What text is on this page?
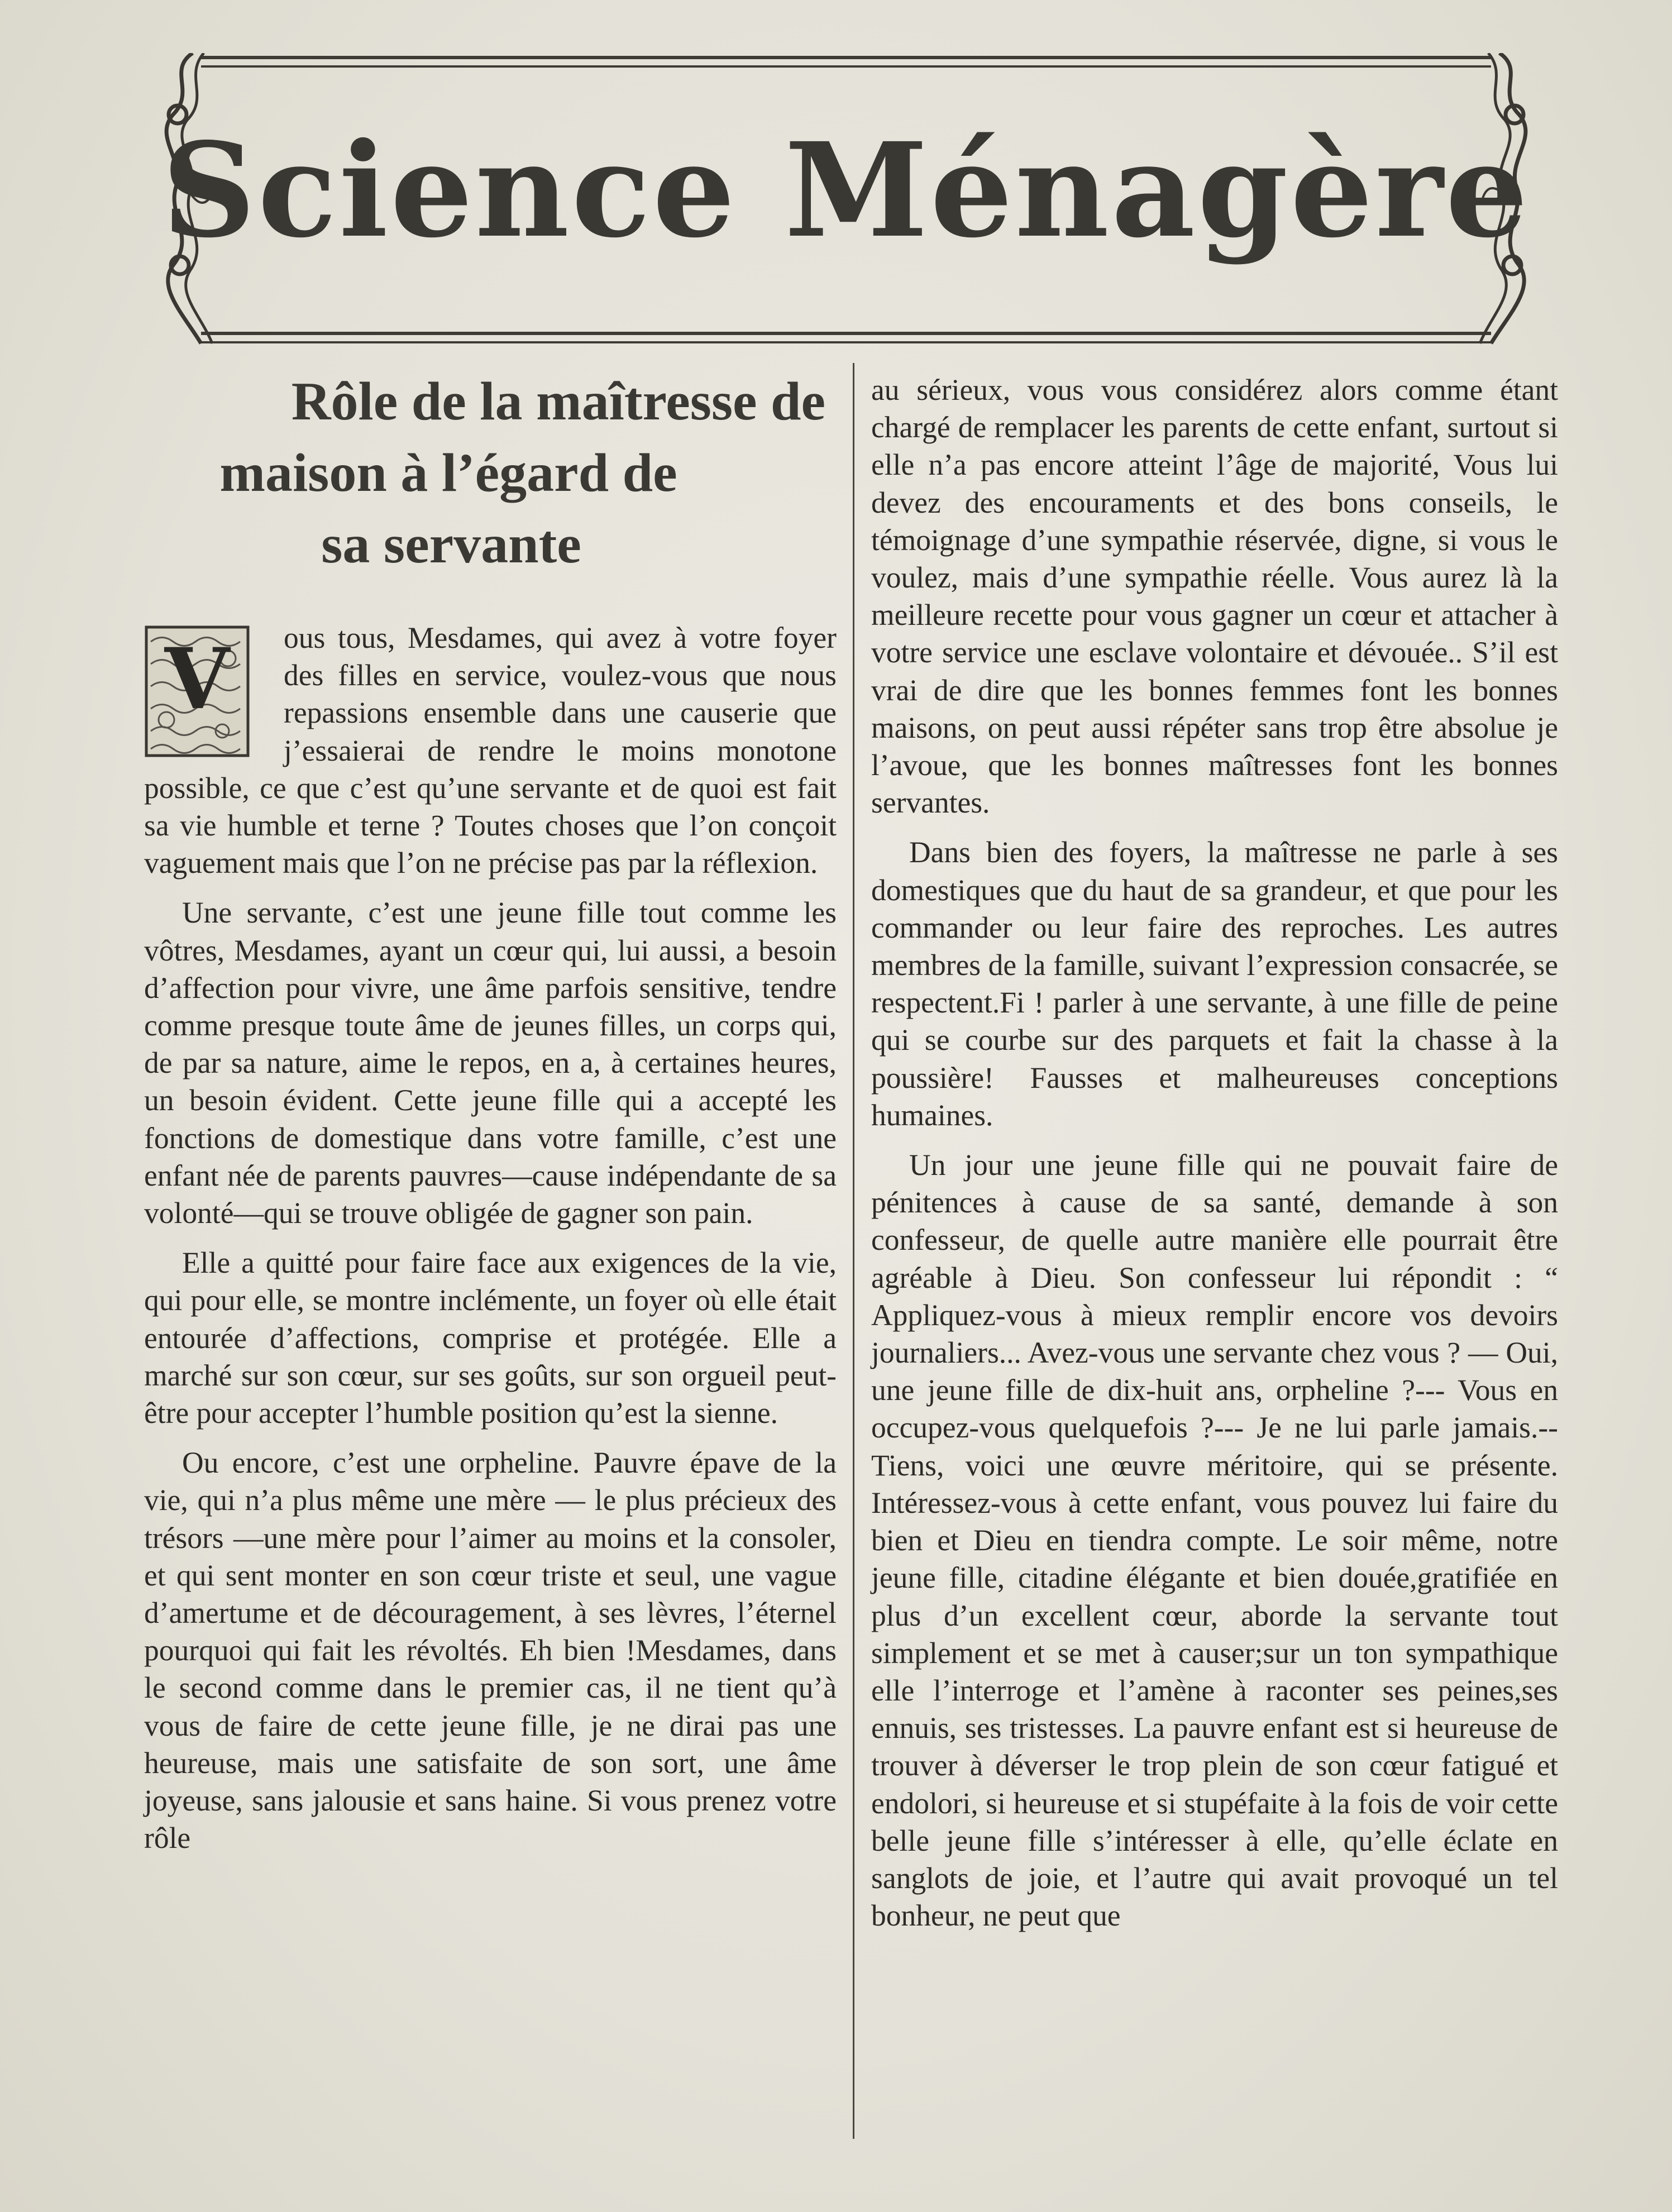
Science Ménagère
Rôle de la maîtresse de
maison à l’égard de
sa servante

V	ous tous, Mesdames, qui avez à votre foyer des filles en service, voulez-vous que nous repassions ensemble dans une causerie que j’essaierai de rendre le moins monotone possible, ce que c’est qu’une servante et de quoi est fait sa vie humble et terne ? Toutes choses que l’on conçoit vaguement mais que l’on ne précise pas par la réflexion.

Une servante, c’est une jeune fille tout comme les vôtres, Mesdames, ayant un cœur qui, lui aussi, a besoin d’affection pour vivre, une âme parfois sensitive, tendre comme presque toute âme de jeunes filles, un corps qui, de par sa nature, aime le repos, en a, à certaines heures, un besoin évident. Cette jeune fille qui a accepté les fonctions de domestique dans votre famille, c’est une enfant née de parents pauvres—cause indépendante de sa volonté—qui se trouve obligée de gagner son pain.

Elle a quitté pour faire face aux exigences de la vie, qui pour elle, se montre inclémente, un foyer où elle était entourée d’affections, comprise et protégée. Elle a marché sur son cœur, sur ses goûts, sur son orgueil peut-être pour accepter l’humble position qu’est la sienne.

Ou encore, c’est une orpheline. Pauvre épave de la vie, qui n’a plus même une mère — le plus précieux des trésors —une mère pour l’aimer au moins et la consoler, et qui sent monter en son cœur triste et seul, une vague d’amertume et de découragement, à ses lèvres, l’éternel pourquoi qui fait les révoltés. Eh bien !Mesdames, dans le second comme dans le premier cas, il ne tient qu’à vous de faire de cette jeune fille, je ne dirai pas une heureuse, mais une satisfaite de son sort, une âme joyeuse, sans jalousie et sans haine. Si vous prenez votre rôle

au sérieux, vous vous considérez alors comme étant chargé de remplacer les parents de cette enfant, surtout si elle n’a pas encore atteint l’âge de majorité, Vous lui devez des encouraments et des bons conseils, le témoignage d’une sympathie réservée, digne, si vous le voulez, mais d’une sympathie réelle. Vous aurez là la meilleure recette pour vous gagner un cœur et attacher à votre service une esclave volontaire et dévouée.. S’il est vrai de dire que les bonnes femmes font les bonnes maisons, on peut aussi répéter sans trop être absolue je l’avoue, que les bonnes maîtresses font les bonnes servantes.

Dans bien des foyers, la maîtresse ne parle à ses domestiques que du haut de sa grandeur, et que pour les commander ou leur faire des reproches. Les autres membres de la famille, suivant l’expression consacrée, se respectent.Fi ! parler à une servante, à une fille de peine qui se courbe sur des parquets et fait la chasse à la poussière! Fausses et malheureuses conceptions humaines.

Un jour une jeune fille qui ne pouvait faire de pénitences à cause de sa santé, demande à son confesseur, de quelle autre manière elle pourrait être agréable à Dieu. Son confesseur lui répondit : “ Appliquez-vous à mieux remplir encore vos devoirs journaliers... Avez-vous une servante chez vous ? — Oui, une jeune fille de dix-huit ans, orpheline ?--- Vous en occupez-vous quelquefois ?--- Je ne lui parle jamais.--Tiens, voici une œuvre méritoire, qui se présente. Intéressez-vous à cette enfant, vous pouvez lui faire du bien et Dieu en tiendra compte. Le soir même, notre jeune fille, citadine élégante et bien douée,gratifiée en plus d’un excellent cœur, aborde la servante tout simplement et se met à causer;sur un ton sympathique elle l’interroge et l’amène à raconter ses peines,ses ennuis, ses tristesses. La pauvre enfant est si heureuse de trouver à déverser le trop plein de son cœur fatigué et endolori, si heureuse et si stupéfaite à la fois de voir cette belle jeune fille s’intéresser à elle, qu’elle éclate en sanglots de joie, et l’autre qui avait provoqué un tel bonheur, ne peut que
